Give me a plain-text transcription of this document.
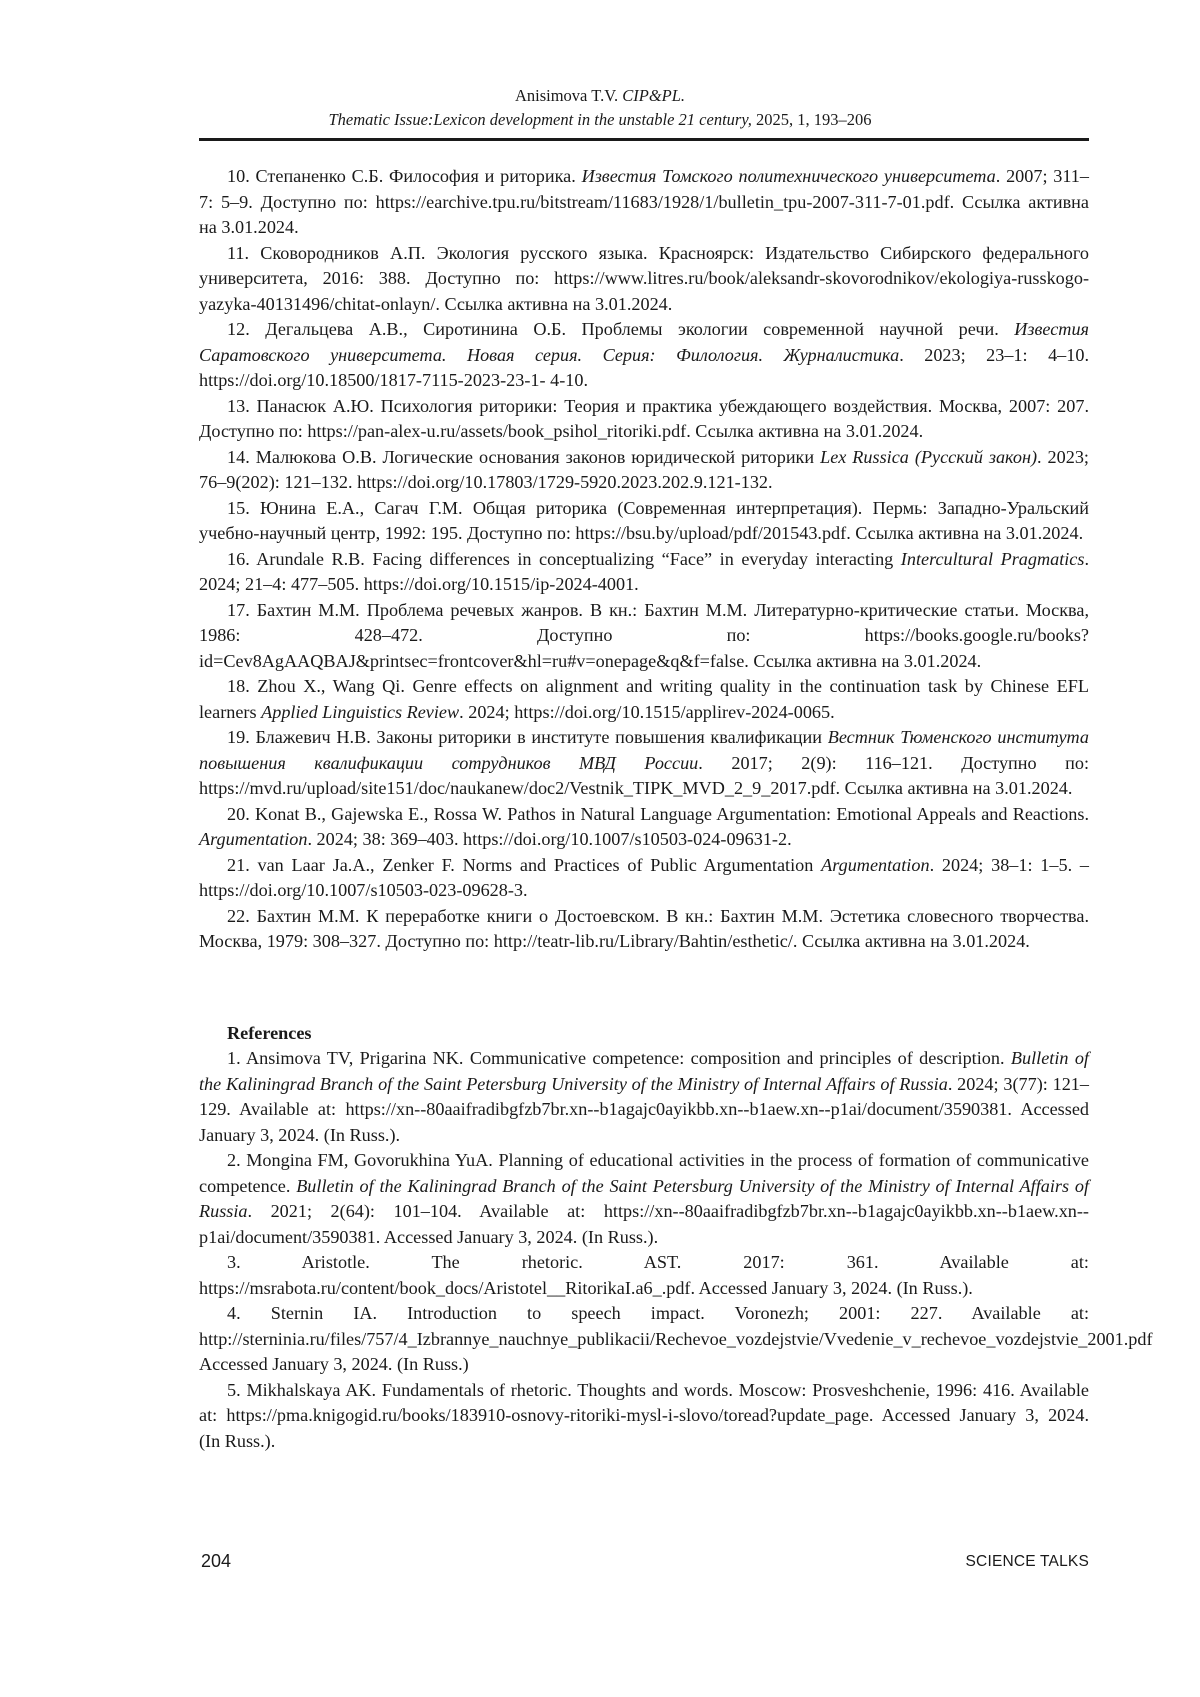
Anisimova T.V. CIP&PL.
Thematic Issue:Lexicon development in the unstable 21 century, 2025, 1, 193–206

10. Степаненко С.Б. Философия и риторика. Известия Томского политехнического университета. 2007; 311–7: 5–9. Доступно по: https://earchive.tpu.ru/bitstream/11683/1928/1/bulletin_tpu-2007-311-7-01.pdf. Ссылка активна на 3.01.2024.

11. Сковородников А.П. Экология русского языка. Красноярск: Издательство Сибирского федерального университета, 2016: 388. Доступно по: https://www.litres.ru/book/aleksandr-skovorodnikov/ekologiya-russkogo-yazyka-40131496/chitat-onlayn/. Ссылка активна на 3.01.2024.

12. Дегальцева А.В., Сиротинина О.Б. Проблемы экологии современной научной речи. Известия Саратовского университета. Новая серия. Серия: Филология. Журналистика. 2023; 23–1: 4–10. https://doi.org/10.18500/1817-7115-2023-23-1- 4-10.

13. Панасюк А.Ю. Психология риторики: Теория и практика убеждающего воздействия. Москва, 2007: 207. Доступно по: https://pan-alex-u.ru/assets/book_psihol_ritoriki.pdf. Ссылка активна на 3.01.2024.

14. Малюкова О.В. Логические основания законов юридической риторики Lex Russica (Русский закон). 2023; 76–9(202): 121–132. https://doi.org/10.17803/1729-5920.2023.202.9.121-132.

15. Юнина Е.А., Сагач Г.М. Общая риторика (Современная интерпретация). Пермь: Западно-Уральский учебно-научный центр, 1992: 195. Доступно по: https://bsu.by/upload/pdf/201543.pdf. Ссылка активна на 3.01.2024.

16. Arundale R.B. Facing differences in conceptualizing “Face” in everyday interacting Intercultural Pragmatics. 2024; 21–4: 477–505. https://doi.org/10.1515/ip-2024-4001.

17. Бахтин М.М. Проблема речевых жанров. В кн.: Бахтин М.М. Литературно-критические статьи. Москва, 1986: 428–472. Доступно по: https://books.google.ru/books?id=Cev8AgAAQBAJ&printsec=frontcover&hl=ru#v=onepage&q&f=false. Ссылка активна на 3.01.2024.

18. Zhou X., Wang Qi. Genre effects on alignment and writing quality in the continuation task by Chinese EFL learners Applied Linguistics Review. 2024; https://doi.org/10.1515/applirev-2024-0065.

19. Блажевич Н.В. Законы риторики в институте повышения квалификации Вестник Тюменского института повышения квалификации сотрудников МВД России. 2017; 2(9): 116–121. Доступно по: https://mvd.ru/upload/site151/doc/naukanew/doc2/Vestnik_TIPK_MVD_2_9_2017.pdf. Ссылка активна на 3.01.2024.

20. Konat B., Gajewska E., Rossa W. Pathos in Natural Language Argumentation: Emotional Appeals and Reactions. Argumentation. 2024; 38: 369–403. https://doi.org/10.1007/s10503-024-09631-2.

21. van Laar Ja.A., Zenker F. Norms and Practices of Public Argumentation Argumentation. 2024; 38–1: 1–5. – https://doi.org/10.1007/s10503-023-09628-3.

22. Бахтин М.М. К переработке книги о Достоевском. В кн.: Бахтин М.М. Эстетика словесного творчества. Москва, 1979: 308–327. Доступно по: http://teatr-lib.ru/Library/Bahtin/esthetic/. Ссылка активна на 3.01.2024.

References

1. Ansimova TV, Prigarina NK. Communicative competence: composition and principles of description. Bulletin of the Kaliningrad Branch of the Saint Petersburg University of the Ministry of Internal Affairs of Russia. 2024; 3(77): 121–129. Available at: https://xn--80aaifradibgfzb7br.xn--b1agajc0ayikbb.xn--b1aew.xn--p1ai/document/3590381. Accessed January 3, 2024. (In Russ.).

2. Mongina FM, Govorukhina YuA. Planning of educational activities in the process of formation of communicative competence. Bulletin of the Kaliningrad Branch of the Saint Petersburg University of the Ministry of Internal Affairs of Russia. 2021; 2(64): 101–104. Available at: https://xn--80aaifradibgfzb7br.xn--b1agajc0ayikbb.xn--b1aew.xn--p1ai/document/3590381. Accessed January 3, 2024. (In Russ.).

3. Aristotle. The rhetoric. AST. 2017: 361. Available at: https://msrabota.ru/content/book_docs/Aristotel__RitorikaI.a6_.pdf. Accessed January 3, 2024. (In Russ.).

4. Sternin IA. Introduction to speech impact. Voronezh; 2001: 227. Available at: http://sterninia.ru/files/757/4_Izbrannye_nauchnye_publikacii/Rechevoe_vozdejstvie/Vvedenie_v_rechevoe_vozdejstvie_2001.pdf Accessed January 3, 2024. (In Russ.)

5. Mikhalskaya AK. Fundamentals of rhetoric. Thoughts and words. Moscow: Prosveshchenie, 1996: 416. Available at: https://pma.knigogid.ru/books/183910-osnovy-ritoriki-mysl-i-slovo/toread?update_page. Accessed January 3, 2024. (In Russ.).

204	SCIENCE TALKS
